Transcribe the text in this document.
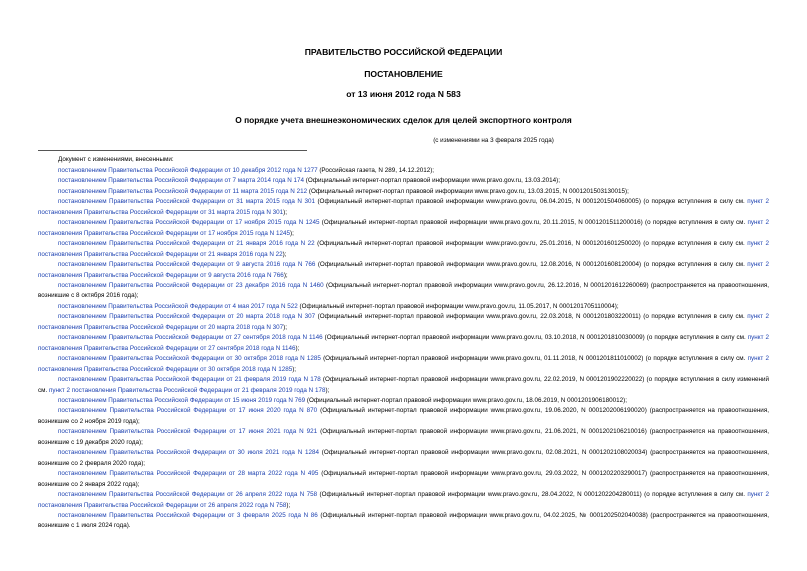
ПРАВИТЕЛЬСТВО РОССИЙСКОЙ ФЕДЕРАЦИИ
ПОСТАНОВЛЕНИЕ
от 13 июня 2012 года N 583
О порядке учета внешнеэкономических сделок для целей экспортного контроля
(с изменениями на 3 февраля 2025 года)
Документ с изменениями, внесенными:

постановлением Правительства Российской Федерации от 10 декабря 2012 года N 1277 (Российская газета, N 289, 14.12.2012);

постановлением Правительства Российской Федерации от 7 марта 2014 года N 174 (Официальный интернет-портал правовой информации www.pravo.gov.ru, 13.03.2014);

постановлением Правительства Российской Федерации от 11 марта 2015 года N 212 (Официальный интернет-портал правовой информации www.pravo.gov.ru, 13.03.2015, N 0001201503130015);

постановлением Правительства Российской Федерации от 31 марта 2015 года N 301 (Официальный интернет-портал правовой информации www.pravo.gov.ru, 06.04.2015, N 0001201504060005) (о порядке вступления в силу см. пункт 2 постановления Правительства Российской Федерации от 31 марта 2015 года N 301);

постановлением Правительства Российской Федерации от 17 ноября 2015 года N 1245 (Официальный интернет-портал правовой информации www.pravo.gov.ru, 20.11.2015, N 0001201511200016) (о порядке вступления в силу см. пункт 2 постановления Правительства Российской Федерации от 17 ноября 2015 года N 1245);

постановлением Правительства Российской Федерации от 21 января 2016 года N 22 (Официальный интернет-портал правовой информации www.pravo.gov.ru, 25.01.2016, N 0001201601250020) (о порядке вступления в силу см. пункт 2 постановления Правительства Российской Федерации от 21 января 2016 года N 22);

постановлением Правительства Российской Федерации от 9 августа 2016 года N 766 (Официальный интернет-портал правовой информации www.pravo.gov.ru, 12.08.2016, N 0001201608120004) (о порядке вступления в силу см. пункт 2 постановления Правительства Российской Федерации от 9 августа 2016 года N 766);

постановлением Правительства Российской Федерации от 23 декабря 2016 года N 1460 (Официальный интернет-портал правовой информации www.pravo.gov.ru, 26.12.2016, N 0001201612260069) (распространяется на правоотношения, возникшие с 8 октября 2016 года);

постановлением Правительства Российской Федерации от 4 мая 2017 года N 522 (Официальный интернет-портал правовой информации www.pravo.gov.ru, 11.05.2017, N 0001201705110004);

постановлением Правительства Российской Федерации от 20 марта 2018 года N 307 (Официальный интернет-портал правовой информации www.pravo.gov.ru, 22.03.2018, N 0001201803220011) (о порядке вступления в силу см. пункт 2 постановления Правительства Российской Федерации от 20 марта 2018 года N 307);

постановлением Правительства Российской Федерации от 27 сентября 2018 года N 1146 (Официальный интернет-портал правовой информации www.pravo.gov.ru, 03.10.2018, N 0001201810030009) (о порядке вступления в силу см. пункт 2 постановления Правительства Российской Федерации от 27 сентября 2018 года N 1146);

постановлением Правительства Российской Федерации от 30 октября 2018 года N 1285 (Официальный интернет-портал правовой информации www.pravo.gov.ru, 01.11.2018, N 0001201811010002) (о порядке вступления в силу см. пункт 2 постановления Правительства Российской Федерации от 30 октября 2018 года N 1285);

постановлением Правительства Российской Федерации от 21 февраля 2019 года N 178 (Официальный интернет-портал правовой информации www.pravo.gov.ru, 22.02.2019, N 0001201902220022) (о порядке вступления в силу изменений см. пункт 2 постановления Правительства Российской Федерации от 21 февраля 2019 года N 178);

постановлением Правительства Российской Федерации от 15 июня 2019 года N 769 (Официальный интернет-портал правовой информации www.pravo.gov.ru, 18.06.2019, N 0001201906180012);

постановлением Правительства Российской Федерации от 17 июня 2020 года N 870 (Официальный интернет-портал правовой информации www.pravo.gov.ru, 19.06.2020, N 0001202006190020) (распространяется на правоотношения, возникшие со 2 ноября 2019 года);

постановлением Правительства Российской Федерации от 17 июня 2021 года N 921 (Официальный интернет-портал правовой информации www.pravo.gov.ru, 21.06.2021, N 0001202106210016) (распространяется на правоотношения, возникшие с 19 декабря 2020 года);

постановлением Правительства Российской Федерации от 30 июля 2021 года N 1284 (Официальный интернет-портал правовой информации www.pravo.gov.ru, 02.08.2021, N 0001202108020034) (распространяется на правоотношения, возникшие со 2 февраля 2020 года);

постановлением Правительства Российской Федерации от 28 марта 2022 года N 495 (Официальный интернет-портал правовой информации www.pravo.gov.ru, 29.03.2022, N 0001202203290017) (распространяется на правоотношения, возникшие со 2 января 2022 года);

постановлением Правительства Российской Федерации от 26 апреля 2022 года N 758 (Официальный интернет-портал правовой информации www.pravo.gov.ru, 28.04.2022, N 0001202204280011) (о порядке вступления в силу см. пункт 2 постановления Правительства Российской Федерации от 26 апреля 2022 года N 758);

постановлением Правительства Российской Федерации от 3 февраля 2025 года N 86 (Официальный интернет-портал правовой информации www.pravo.gov.ru, 04.02.2025, № 0001202502040038) (распространяется на правоотношения, возникшие с 1 июля 2024 года).
